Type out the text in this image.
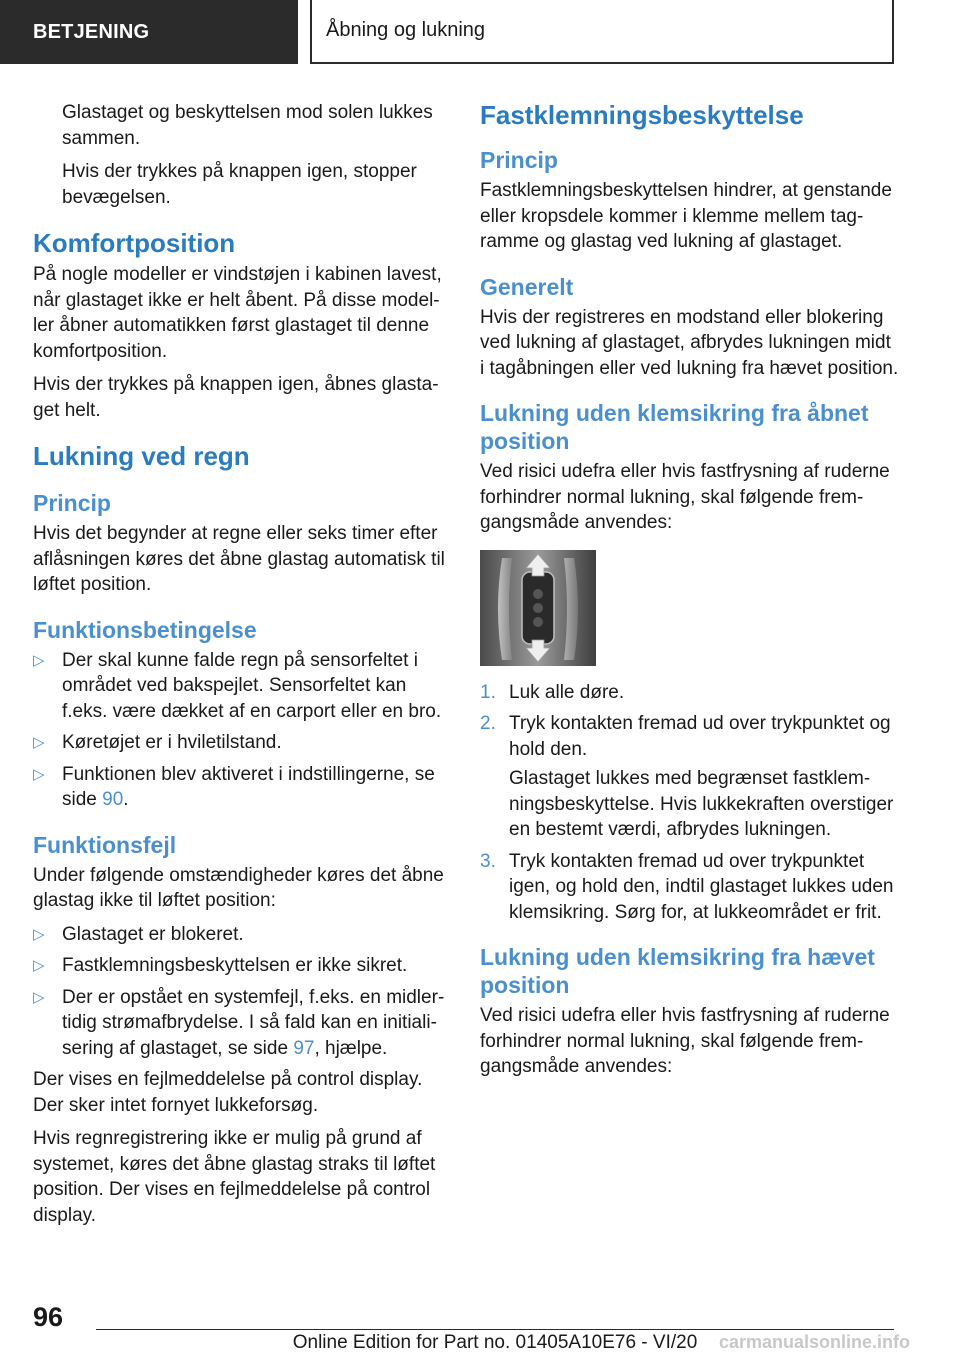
BETJENING	Åbning og lukning

Glastaget og beskyttelsen mod solen lukkes sammen.

Hvis der trykkes på knappen igen, stopper bevægelsen.

Komfortposition

På nogle modeller er vindstøjen i kabinen lavest, når glastaget ikke er helt åbent. På disse modeller åbner automatikken først glastaget til denne komfortposition.

Hvis der trykkes på knappen igen, åbnes glastaget helt.

Lukning ved regn
Princip

Hvis det begynder at regne eller seks timer efter aflåsningen køres det åbne glastag automatisk til løftet position.

Funktionsbetingelse
▷ Der skal kunne falde regn på sensorfeltet i området ved bakspejlet. Sensorfeltet kan f.eks. være dækket af en carport eller en bro.
▷ Køretøjet er i hviletilstand.
▷ Funktionen blev aktiveret i indstillingerne, se side 90.
Funktionsfejl

Under følgende omstændigheder køres det åbne glastag ikke til løftet position:

▷ Glastaget er blokeret.
▷ Fastklemningsbeskyttelsen er ikke sikret.
▷ Der er opstået en systemfejl, f.eks. en midlertidig strømafbrydelse. I så fald kan en initialisering af glastaget, se side 97, hjælpe.

Der vises en fejlmeddelelse på control display. Der sker intet fornyet lukkeforsøg.

Hvis regnregistrering ikke er mulig på grund af systemet, køres det åbne glastag straks til løftet position. Der vises en fejlmeddelelse på control display.

Fastklemningsbeskyttelse
Princip

Fastklemningsbeskyttelsen hindrer, at genstande eller kropsdele kommer i klemme mellem tagramme og glastag ved lukning af glastaget.

Generelt

Hvis der registreres en modstand eller blokering ved lukning af glastaget, afbrydes lukningen midt i tagåbningen eller ved lukning fra hævet position.

Lukning uden klemsikring fra åbnet position

Ved risici udefra eller hvis fastfrysning af ruderne forhindrer normal lukning, skal følgende fremgangsmåde anvendes:

1. Luk alle døre.
2. Tryk kontakten fremad ud over trykpunktet og hold den.
Glastaget lukkes med begrænset fastklemningsbeskyttelse. Hvis lukkekraften overstiger en bestemt værdi, afbrydes lukningen.
3. Tryk kontakten fremad ud over trykpunktet igen, og hold den, indtil glastaget lukkes uden klemsikring. Sørg for, at lukkeområdet er frit.
Lukning uden klemsikring fra hævet position

Ved risici udefra eller hvis fastfrysning af ruderne forhindrer normal lukning, skal følgende fremgangsmåde anvendes:

96
Online Edition for Part no. 01405A10E76 - VI/20	carmanualsonline.info
